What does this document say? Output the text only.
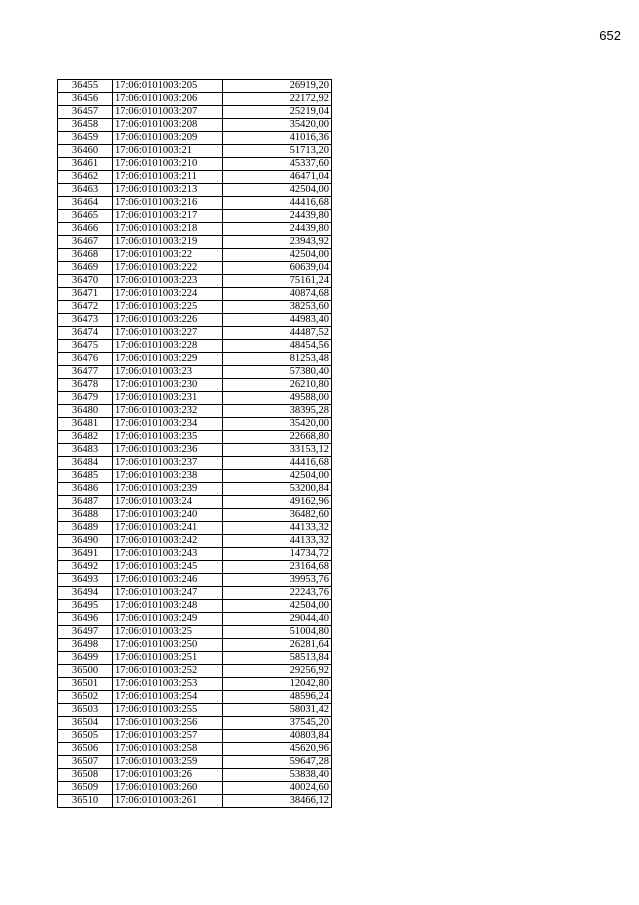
652
36455	17:06:0101003:205	26919,20
36456	17:06:0101003:206	22172,92
36457	17:06:0101003:207	25219,04
36458	17:06:0101003:208	35420,00
36459	17:06:0101003:209	41016,36
36460	17:06:0101003:21	51713,20
36461	17:06:0101003:210	45337,60
36462	17:06:0101003:211	46471,04
36463	17:06:0101003:213	42504,00
36464	17:06:0101003:216	44416,68
36465	17:06:0101003:217	24439,80
36466	17:06:0101003:218	24439,80
36467	17:06:0101003:219	23943,92
36468	17:06:0101003:22	42504,00
36469	17:06:0101003:222	60639,04
36470	17:06:0101003:223	75161,24
36471	17:06:0101003:224	40874,68
36472	17:06:0101003:225	38253,60
36473	17:06:0101003:226	44983,40
36474	17:06:0101003:227	44487,52
36475	17:06:0101003:228	48454,56
36476	17:06:0101003:229	81253,48
36477	17:06:0101003:23	57380,40
36478	17:06:0101003:230	26210,80
36479	17:06:0101003:231	49588,00
36480	17:06:0101003:232	38395,28
36481	17:06:0101003:234	35420,00
36482	17:06:0101003:235	22668,80
36483	17:06:0101003:236	33153,12
36484	17:06:0101003:237	44416,68
36485	17:06:0101003:238	42504,00
36486	17:06:0101003:239	53200,84
36487	17:06:0101003:24	49162,96
36488	17:06:0101003:240	36482,60
36489	17:06:0101003:241	44133,32
36490	17:06:0101003:242	44133,32
36491	17:06:0101003:243	14734,72
36492	17:06:0101003:245	23164,68
36493	17:06:0101003:246	39953,76
36494	17:06:0101003:247	22243,76
36495	17:06:0101003:248	42504,00
36496	17:06:0101003:249	29044,40
36497	17:06:0101003:25	51004,80
36498	17:06:0101003:250	26281,64
36499	17:06:0101003:251	58513,84
36500	17:06:0101003:252	29256,92
36501	17:06:0101003:253	12042,80
36502	17:06:0101003:254	48596,24
36503	17:06:0101003:255	58031,42
36504	17:06:0101003:256	37545,20
36505	17:06:0101003:257	40803,84
36506	17:06:0101003:258	45620,96
36507	17:06:0101003:259	59647,28
36508	17:06:0101003:26	53838,40
36509	17:06:0101003:260	40024,60
36510	17:06:0101003:261	38466,12
